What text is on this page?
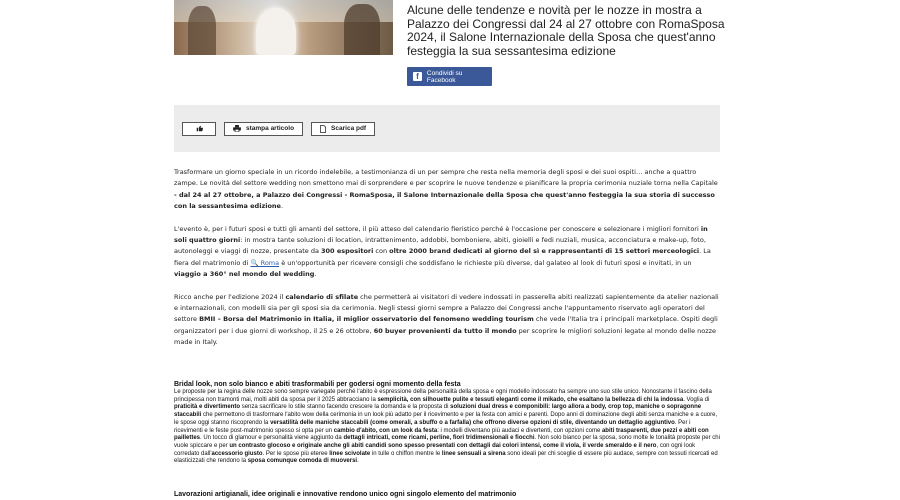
Alcune delle tendenze e novità per le nozze in mostra a Palazzo dei Congressi dal 24 al 27 ottobre con RomaSposa 2024, il Salone Internazionale della Sposa che quest'anno festeggia la sua sessantesima edizione
f	Condividi su Facebook
stampa articolo	Scarica pdf

Trasformare un giorno speciale in un ricordo indelebile, a testimonianza di un per sempre che resta nella memoria degli sposi e dei suoi ospiti… anche a quattro zampe. Le novità del settore wedding non smettono mai di sorprendere e per scoprire le nuove tendenze e pianificare la propria cerimonia nuziale torna nella Capitale - dal 24 al 27 ottobre, a Palazzo dei Congressi - RomaSposa, il Salone Internazionale della Sposa che quest'anno festeggia la sua storia di successo con la sessantesima edizione.

L'evento è, per i futuri sposi e tutti gli amanti del settore, il più atteso del calendario fieristico perché è l'occasione per conoscere e selezionare i migliori fornitori in soli quattro giorni: in mostra tante soluzioni di location, intrattenimento, addobbi, bomboniere, abiti, gioielli e fedi nuziali, musica, acconciatura e make-up, foto, autonoleggi e viaggi di nozze, presentate da 300 espositori con oltre 2000 brand dedicati al giorno del sì e rappresentanti di 15 settori merceologici. La fiera del matrimonio di 🔍 Roma è un'opportunità per ricevere consigli che soddisfano le richieste più diverse, dal galateo al look di futuri sposi e invitati, in un viaggio a 360° nel mondo del wedding.

Ricco anche per l'edizione 2024 il calendario di sfilate che permetterà ai visitatori di vedere indossati in passerella abiti realizzati sapientemente da atelier nazionali e internazionali, con modelli sia per gli sposi sia da cerimonia. Negli stessi giorni sempre a Palazzo dei Congressi anche l'appuntamento riservato agli operatori del settore BMII – Borsa del Matrimonio in Italia, il miglior osservatorio del fenomeno wedding tourism che vede l'Italia tra i principali marketplace. Ospiti degli organizzatori per i due giorni di workshop, il 25 e 26 ottobre, 60 buyer provenienti da tutto il mondo per scoprire le migliori soluzioni legate al mondo delle nozze made in Italy.

Bridal look, non solo bianco e abiti trasformabili per godersi ogni momento della festa
Le proposte per la regina delle nozze sono sempre variegate perché l'abito è espressione della personalità della sposa e ogni modello indossato ha sempre uno suo stile unico. Nonostante il fascino della principessa non tramonti mai, molti abiti da sposa per il 2025 abbracciano la semplicità, con silhouette pulite e tessuti eleganti come il mikado, che esaltano la bellezza di chi la indossa. Voglia di praticità e divertimento senza sacrificare lo stile stanno facendo crescere la domanda e la proposta di soluzioni dual dress e componibili: largo allora a body, crop top, maniche o sopragonne staccabili che permettono di trasformare l'abito wow della cerimonia in un look più adatto per il ricevimento e per la festa con amici e parenti. Dopo anni di dominazione degli abiti senza maniche e a cuore, le spose oggi stanno riscoprendo la versatilità delle maniche staccabili (come omerali, a sbuffo o a farfalla) che offrono diverse opzioni di stile, diventando un dettaglio aggiuntivo. Per i ricevimenti e le feste post-matrimonio spesso si opta per un cambio d'abito, con un look da festa: i modelli diventano più audaci e divertenti, con opzioni come abiti trasparenti, due pezzi e abiti con paillettes. Un tocco di glamour e personalità viene aggiunto da dettagli intricati, come ricami, perline, fiori tridimensionali e fiocchi. Non solo bianco per la sposa, sono molte le tonalità proposte per chi vuole spiccare e per un contrasto glocoso e originale anche gli abiti candidi sono spesso presentati con dettagli dai colori intensi, come il viola, il verde smeraldo e il nero, con ogni look corredato dall'accessorio giusto. Per le spose più eteree linee scivolate in tulle o chiffon mentre le linee sensuali a sirena sono ideali per chi sceglie di essere più audace, sempre con tessuti ricercati ed elasticizzati che rendono la sposa comunque comoda di muoversi.
Lavorazioni artigianali, idee originali e innovative rendono unico ogni singolo elemento del matrimonio
